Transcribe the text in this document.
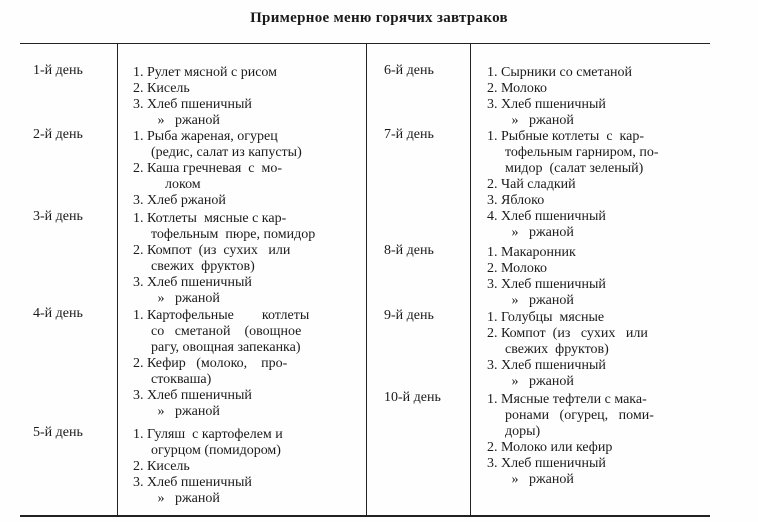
Примерное меню горячих завтраков
1-й день	1. Рулет мясной с рисом
2. Кисель
3. Хлеб пшеничный
»   ржаной
2-й день	1. Рыба жареная, огурец
(редис, салат из капусты)
2. Каша гречневая  с  мо-
локом
3. Хлеб ржаной
3-й день	1. Котлеты  мясные с кар-
тофельным  пюре, помидор
2. Компот  (из  сухих   или
свежих  фруктов)
3. Хлеб пшеничный
»   ржаной
4-й день	1. Картофельные        котлеты
со   сметаной    (овощное
рагу, овощная запеканка)
2. Кефир   (молоко,    про-
стокваша)
3. Хлеб пшеничный
»   ржаной
5-й день	1. Гуляш  с картофелем и
огурцом (помидором)
2. Кисель
3. Хлеб пшеничный
»   ржаной
6-й день	1. Сырники со сметаной
2. Молоко
3. Хлеб пшеничный
»   ржаной
7-й день	1. Рыбные котлеты  с  кар-
тофельным гарниром, по-
мидор  (салат зеленый)
2. Чай сладкий
3. Яблоко
4. Хлеб пшеничный
»   ржаной
8-й день	1. Макаронник
2. Молоко
3. Хлеб пшеничный
»   ржаной
9-й день	1. Голубцы  мясные
2. Компот  (из   сухих   или
свежих  фруктов)
3. Хлеб пшеничный
»   ржаной
10-й день	1. Мясные тефтели с мака-
ронами   (огурец,   поми-
доры)
2. Молоко или кефир
3. Хлеб пшеничный
»   ржаной
